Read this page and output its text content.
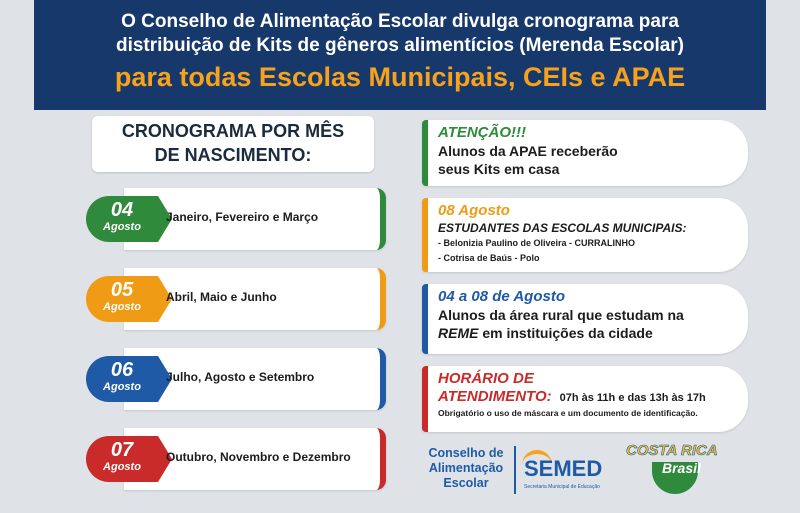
O Conselho de Alimentação Escolar divulga cronograma para
distribuição de Kits de gêneros alimentícios (Merenda Escolar)
para todas Escolas Municipais, CEIs e APAE
CRONOGRAMA POR MÊS
DE NASCIMENTO:
04
Agosto
Janeiro, Fevereiro e Março
05
Agosto
Abril, Maio e Junho
06
Agosto
Julho, Agosto e Setembro
07
Agosto
Outubro, Novembro e Dezembro
ATENÇÃO!!!
Alunos da APAE receberão
seus Kits em casa
08 Agosto
ESTUDANTES DAS ESCOLAS MUNICIPAIS:
- Belonizia Paulino de Oliveira - CURRALINHO
- Cotrisa de Baús - Polo
04 a 08 de Agosto
Alunos da área rural que estudam na
REME em instituições da cidade
HORÁRIO DE
ATENDIMENTO: 07h às 11h e das 13h às 17h
Obrigatório o uso de máscara e um documento de identificação.
Conselho de
Alimentação
Escolar
SEMED
Secretaria Municipal de Educação
COSTA RICA
Brasil
